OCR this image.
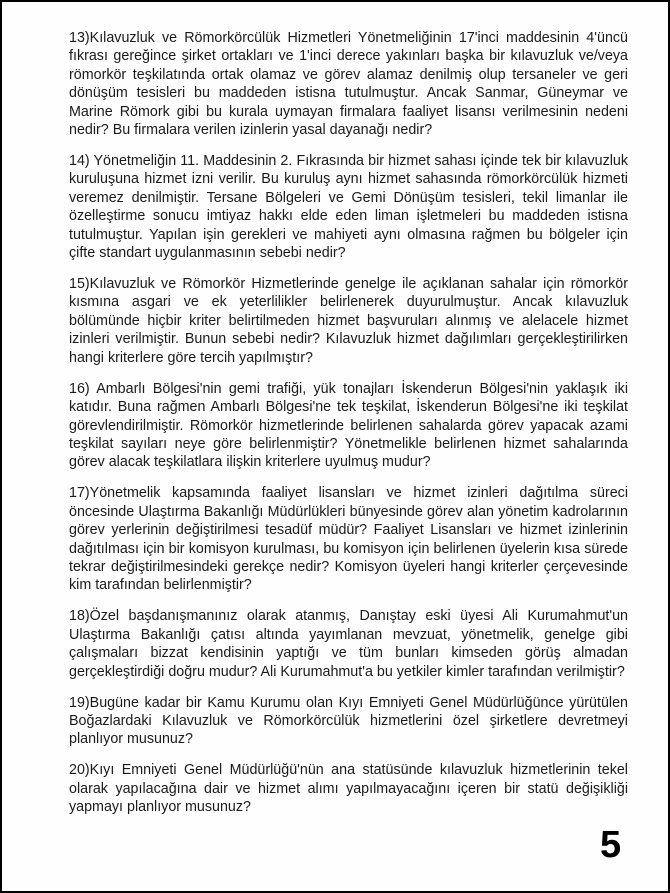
13)Kılavuzluk ve Römorkörcülük Hizmetleri Yönetmeliğinin 17'inci maddesinin 4'üncü fıkrası gereğince şirket ortakları ve 1'inci derece yakınları başka bir kılavuzluk ve/veya römorkör teşkilatında ortak olamaz ve görev alamaz denilmiş olup tersaneler ve geri dönüşüm tesisleri bu maddeden istisna tutulmuştur. Ancak Sanmar, Güneymar ve Marine Römork gibi bu kurala uymayan firmalara faaliyet lisansı verilmesinin nedeni nedir? Bu firmalara verilen izinlerin yasal dayanağı nedir?

14) Yönetmeliğin 11. Maddesinin 2. Fıkrasında bir hizmet sahası içinde tek bir kılavuzluk kuruluşuna hizmet izni verilir. Bu kuruluş aynı hizmet sahasında römorkörcülük hizmeti veremez denilmiştir. Tersane Bölgeleri ve Gemi Dönüşüm tesisleri, tekil limanlar ile özelleştirme sonucu imtiyaz hakkı elde eden liman işletmeleri bu maddeden istisna tutulmuştur. Yapılan işin gerekleri ve mahiyeti aynı olmasına rağmen bu bölgeler için çifte standart uygulanmasının sebebi nedir?

15)Kılavuzluk ve Römorkör Hizmetlerinde genelge ile açıklanan sahalar için römorkör kısmına asgari ve ek yeterlilikler belirlenerek duyurulmuştur. Ancak kılavuzluk bölümünde hiçbir kriter belirtilmeden hizmet başvuruları alınmış ve alelacele hizmet izinleri verilmiştir. Bunun sebebi nedir? Kılavuzluk hizmet dağılımları gerçekleştirilirken hangi kriterlere göre tercih yapılmıştır?

16) Ambarlı Bölgesi'nin gemi trafiği, yük tonajları İskenderun Bölgesi'nin yaklaşık iki katıdır. Buna rağmen Ambarlı Bölgesi'ne tek teşkilat, İskenderun Bölgesi'ne iki teşkilat görevlendirilmiştir. Römorkör hizmetlerinde belirlenen sahalarda görev yapacak azami teşkilat sayıları neye göre belirlenmiştir? Yönetmelikle belirlenen hizmet sahalarında görev alacak teşkilatlara ilişkin kriterlere uyulmuş mudur?

17)Yönetmelik kapsamında faaliyet lisansları ve hizmet izinleri dağıtılma süreci öncesinde Ulaştırma Bakanlığı Müdürlükleri bünyesinde görev alan yönetim kadrolarının görev yerlerinin değiştirilmesi tesadüf müdür? Faaliyet Lisansları ve hizmet izinlerinin dağıtılması için bir komisyon kurulması, bu komisyon için belirlenen üyelerin kısa sürede tekrar değiştirilmesindeki gerekçe nedir? Komisyon üyeleri hangi kriterler çerçevesinde kim tarafından belirlenmiştir?

18)Özel başdanışmanınız olarak atanmış, Danıştay eski üyesi Ali Kurumahmut'un Ulaştırma Bakanlığı çatısı altında yayımlanan mevzuat, yönetmelik, genelge gibi çalışmaları bizzat kendisinin yaptığı ve tüm bunları kimseden görüş almadan gerçekleştirdiği doğru mudur? Ali Kurumahmut'a bu yetkiler kimler tarafından verilmiştir?

19)Bugüne kadar bir Kamu Kurumu olan Kıyı Emniyeti Genel Müdürlüğünce yürütülen Boğazlardaki Kılavuzluk ve Römorkörcülük hizmetlerini özel şirketlere devretmeyi planlıyor musunuz?

20)Kıyı Emniyeti Genel Müdürlüğü'nün ana statüsünde kılavuzluk hizmetlerinin tekel olarak yapılacağına dair ve hizmet alımı yapılmayacağını içeren bir statü değişikliği yapmayı planlıyor musunuz?

5
